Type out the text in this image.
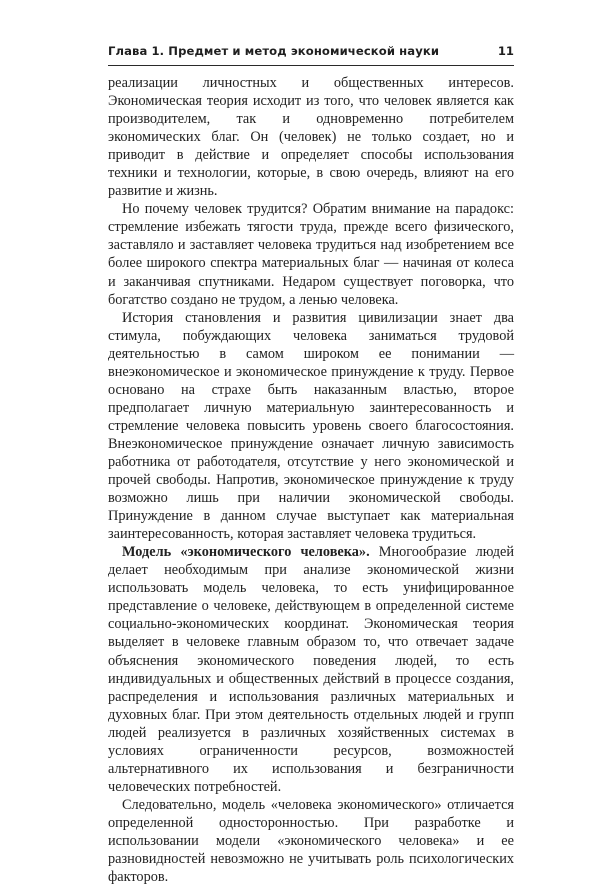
Глава 1. Предмет и метод экономической науки	11

реализации личностных и общественных интересов. Экономическая теория исходит из того, что человек является как производителем, так и одновременно потребителем экономических благ. Он (человек) не только создает, но и приводит в действие и определяет способы использования техники и технологии, которые, в свою очередь, влияют на его развитие и жизнь.

Но почему человек трудится? Обратим внимание на парадокс: стремление избежать тягости труда, прежде всего физического, заставляло и заставляет человека трудиться над изобретением все более широкого спектра материальных благ — начиная от колеса и заканчивая спутниками. Недаром существует поговорка, что богатство создано не трудом, а ленью человека.

История становления и развития цивилизации знает два стимула, побуждающих человека заниматься трудовой деятельностью в самом широком ее понимании — внеэкономическое и экономическое принуждение к труду. Первое основано на страхе быть наказанным властью, второе предполагает личную материальную заинтересованность и стремление человека повысить уровень своего благосостояния. Внеэкономическое принуждение означает личную зависимость работника от работодателя, отсутствие у него экономической и прочей свободы. Напротив, экономическое принуждение к труду возможно лишь при наличии экономической свободы. Принуждение в данном случае выступает как материальная заинтересованность, которая заставляет человека трудиться.

Модель «экономического человека». Многообразие людей делает необходимым при анализе экономической жизни использовать модель человека, то есть унифицированное представление о человеке, действующем в определенной системе социально-экономических координат. Экономическая теория выделяет в человеке главным образом то, что отвечает задаче объяснения экономического поведения людей, то есть индивидуальных и общественных действий в процессе создания, распределения и использования различных материальных и духовных благ. При этом деятельность отдельных людей и групп людей реализуется в различных хозяйственных системах в условиях ограниченности ресурсов, возможностей альтернативного их использования и безграничности человеческих потребностей.

Следовательно, модель «человека экономического» отличается определенной односторонностью. При разработке и использовании модели «экономического человека» и ее разновидностей невозможно не учитывать роль психологических факторов.
